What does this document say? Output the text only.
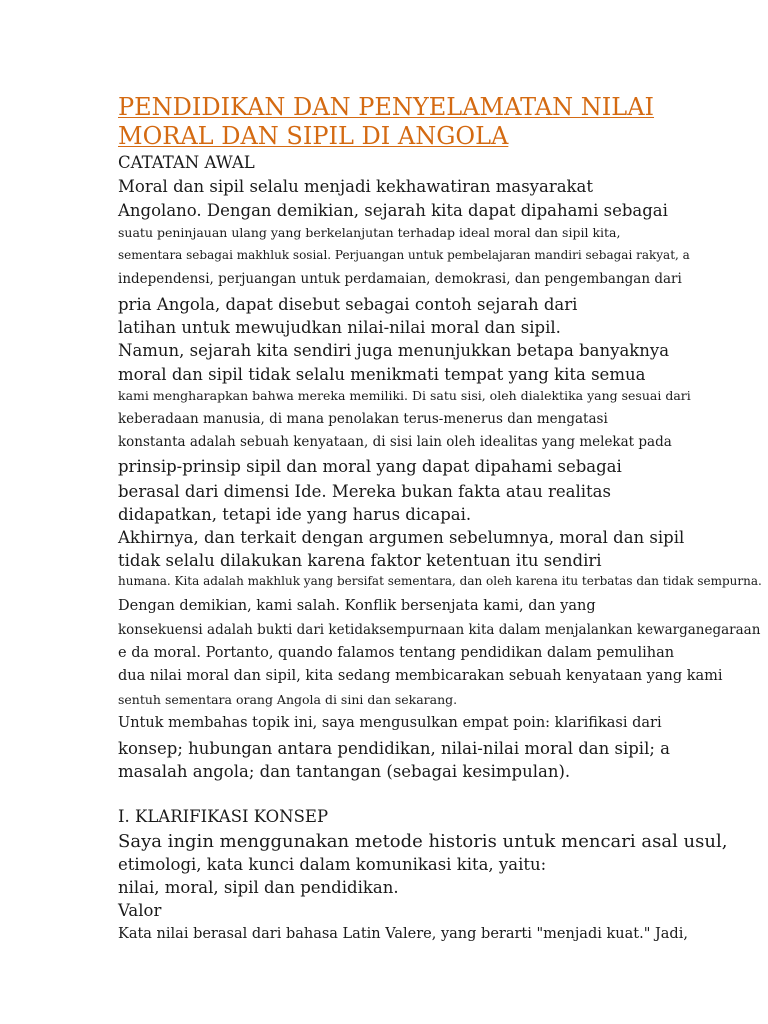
PENDIDIKAN DAN PENYELAMATAN NILAI
MORAL DAN SIPIL DI ANGOLA
CATATAN AWAL
Moral dan sipil selalu menjadi kekhawatiran masyarakat
Angolano. Dengan demikian, sejarah kita dapat dipahami sebagai
suatu peninjauan ulang yang berkelanjutan terhadap ideal moral dan sipil kita,
sementara sebagai makhluk sosial. Perjuangan untuk pembelajaran mandiri sebagai rakyat, a
independensi, perjuangan untuk perdamaian, demokrasi, dan pengembangan dari
pria Angola, dapat disebut sebagai contoh sejarah dari
latihan untuk mewujudkan nilai-nilai moral dan sipil.
Namun, sejarah kita sendiri juga menunjukkan betapa banyaknya
moral dan sipil tidak selalu menikmati tempat yang kita semua
kami mengharapkan bahwa mereka memiliki. Di satu sisi, oleh dialektika yang sesuai dari
keberadaan manusia, di mana penolakan terus-menerus dan mengatasi
konstanta adalah sebuah kenyataan, di sisi lain oleh idealitas yang melekat pada
prinsip-prinsip sipil dan moral yang dapat dipahami sebagai
berasal dari dimensi Ide. Mereka bukan fakta atau realitas
didapatkan, tetapi ide yang harus dicapai.
Akhirnya, dan terkait dengan argumen sebelumnya, moral dan sipil
tidak selalu dilakukan karena faktor ketentuan itu sendiri
humana. Kita adalah makhluk yang bersifat sementara, dan oleh karena itu terbatas dan tidak sempurna.
Dengan demikian, kami salah. Konflik bersenjata kami, dan yang
konsekuensi adalah bukti dari ketidaksempurnaan kita dalam menjalankan kewarganegaraan
e da moral. Portanto, quando falamos tentang pendidikan dalam pemulihan
dua nilai moral dan sipil, kita sedang membicarakan sebuah kenyataan yang kami
sentuh sementara orang Angola di sini dan sekarang.
Untuk membahas topik ini, saya mengusulkan empat poin: klarifikasi dari
konsep; hubungan antara pendidikan, nilai-nilai moral dan sipil; a
masalah angola; dan tantangan (sebagai kesimpulan).
I. KLARIFIKASI KONSEP
Saya ingin menggunakan metode historis untuk mencari asal usul,
etimologi, kata kunci dalam komunikasi kita, yaitu:
nilai, moral, sipil dan pendidikan.
Valor
Kata nilai berasal dari bahasa Latin Valere, yang berarti "menjadi kuat." Jadi,
